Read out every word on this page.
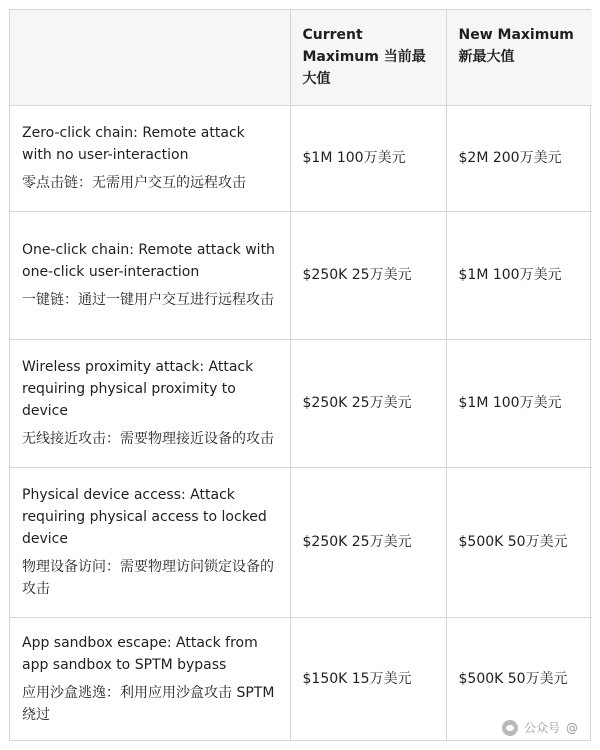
	Current Maximum 当前最大值	New Maximum 新最大值

Zero-click chain: Remote attack with no user-interaction
零点击链：无需用户交互的远程攻击	$1M 100万美元	$2M 200万美元

One-click chain: Remote attack with one-click user-interaction
一键链：通过一键用户交互进行远程攻击	$250K 25万美元	$1M 100万美元

Wireless proximity attack: Attack requiring physical proximity to device
无线接近攻击：需要物理接近设备的攻击	$250K 25万美元	$1M 100万美元

Physical device access: Attack requiring physical access to locked device
物理设备访问：需要物理访问锁定设备的攻击	$250K 25万美元	$500K 50万美元

App sandbox escape: Attack from app sandbox to SPTM bypass
应用沙盒逃逸：利用应用沙盒攻击 SPTM 绕过	$150K 15万美元	$500K 50万美元
公众号 @
